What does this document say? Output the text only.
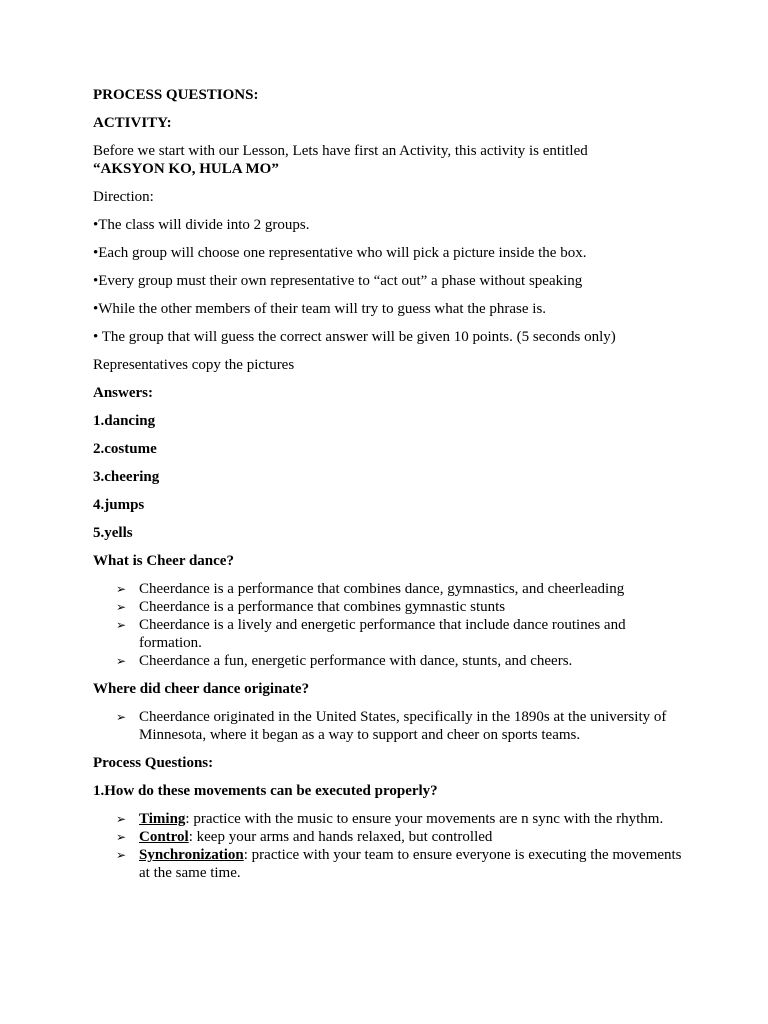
PROCESS QUESTIONS:
ACTIVITY:
Before we start with our Lesson, Lets have first an Activity, this activity is entitled
“AKSYON KO, HULA MO”
Direction:
•The class will divide into 2 groups.
•Each group will choose one representative who will pick a picture inside the box.
•Every group must their own representative to “act out” a phase without speaking
•While the other members of their team will try to guess what the phrase is.
• The group that will guess the correct answer will be given 10 points. (5 seconds only)
Representatives copy the pictures
Answers:
1.dancing
2.costume
3.cheering
4.jumps
5.yells
What is Cheer dance?
➢ Cheerdance is a performance that combines dance, gymnastics, and cheerleading
➢ Cheerdance is a performance that combines gymnastic stunts
➢ Cheerdance is a lively and energetic performance that include dance routines and formation.
➢ Cheerdance a fun, energetic performance with dance, stunts, and cheers.
Where did cheer dance originate?
➢ Cheerdance originated in the United States, specifically in the 1890s at the university of Minnesota, where it began as a way to support and cheer on sports teams.
Process Questions:
1.How do these movements can be executed properly?
➢ Timing: practice with the music to ensure your movements are n sync with the rhythm.
➢ Control: keep your arms and hands relaxed, but controlled
➢ Synchronization: practice with your team to ensure everyone is executing the movements at the same time.
